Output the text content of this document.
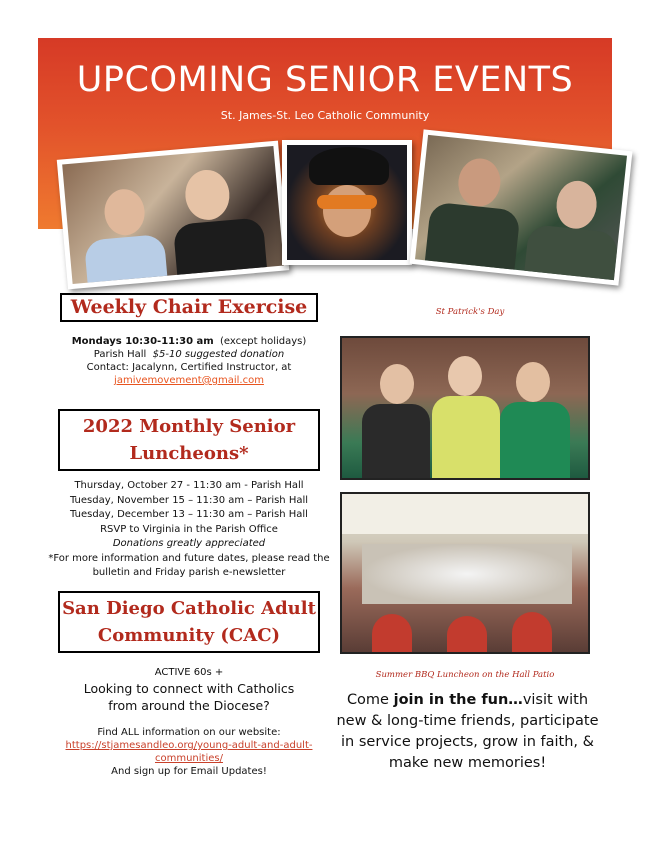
UPCOMING SENIOR EVENTS
St. James-St. Leo Catholic Community
Weekly Chair Exercise
Mondays 10:30-11:30 am (except holidays)
Parish Hall $5-10 suggested donation
Contact: Jacalynn, Certified Instructor, at
jamivemovement@gmail.com
2022 Monthly Senior
Luncheons*
Thursday, October 27 - 11:30 am - Parish Hall
Tuesday, November 15 – 11:30 am – Parish Hall
Tuesday, December 13 – 11:30 am – Parish Hall
RSVP to Virginia in the Parish Office
Donations greatly appreciated
*For more information and future dates, please read the bulletin and Friday parish e-newsletter
San Diego Catholic Adult
Community (CAC)
ACTIVE 60s +
Looking to connect with Catholics from around the Diocese?
Find ALL information on our website:
https://stjamesandleo.org/young-adult-and-adult-communities/
And sign up for Email Updates!
St Patrick's Day
Summer BBQ Luncheon on the Hall Patio
Come join in the fun…visit with new & long-time friends, participate in service projects, grow in faith, & make new memories!
